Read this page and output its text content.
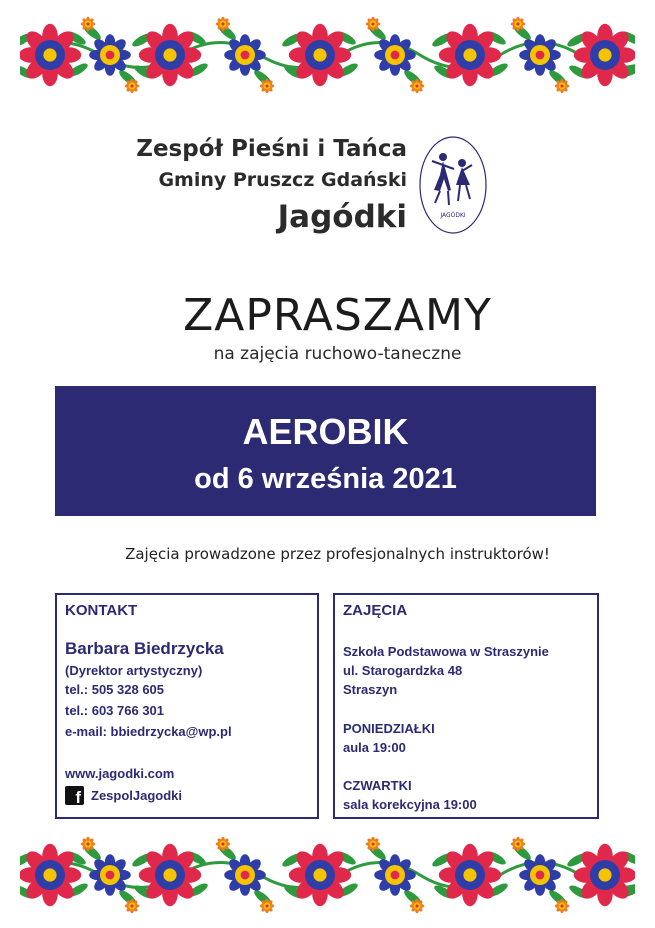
Zespół Pieśni i Tańca
Gminy Pruszcz Gdański
Jagódki	JAGÓDKI
ZAPRASZAMY
na zajęcia ruchowo-taneczne
AEROBIK
od 6 września 2021
Zajęcia prowadzone przez profesjonalnych instruktorów!
KONTAKT
Barbara Biedrzycka
(Dyrektor artystyczny)
tel.: 505 328 605
tel.: 603 766 301
e-mail: bbiedrzycka@wp.pl
www.jagodki.com
f ZespolJagodki
ZAJĘCIA
Szkoła Podstawowa w Straszynie
ul. Starogardzka 48
Straszyn
PONIEDZIAŁKI
aula 19:00
CZWARTKI
sala korekcyjna 19:00
